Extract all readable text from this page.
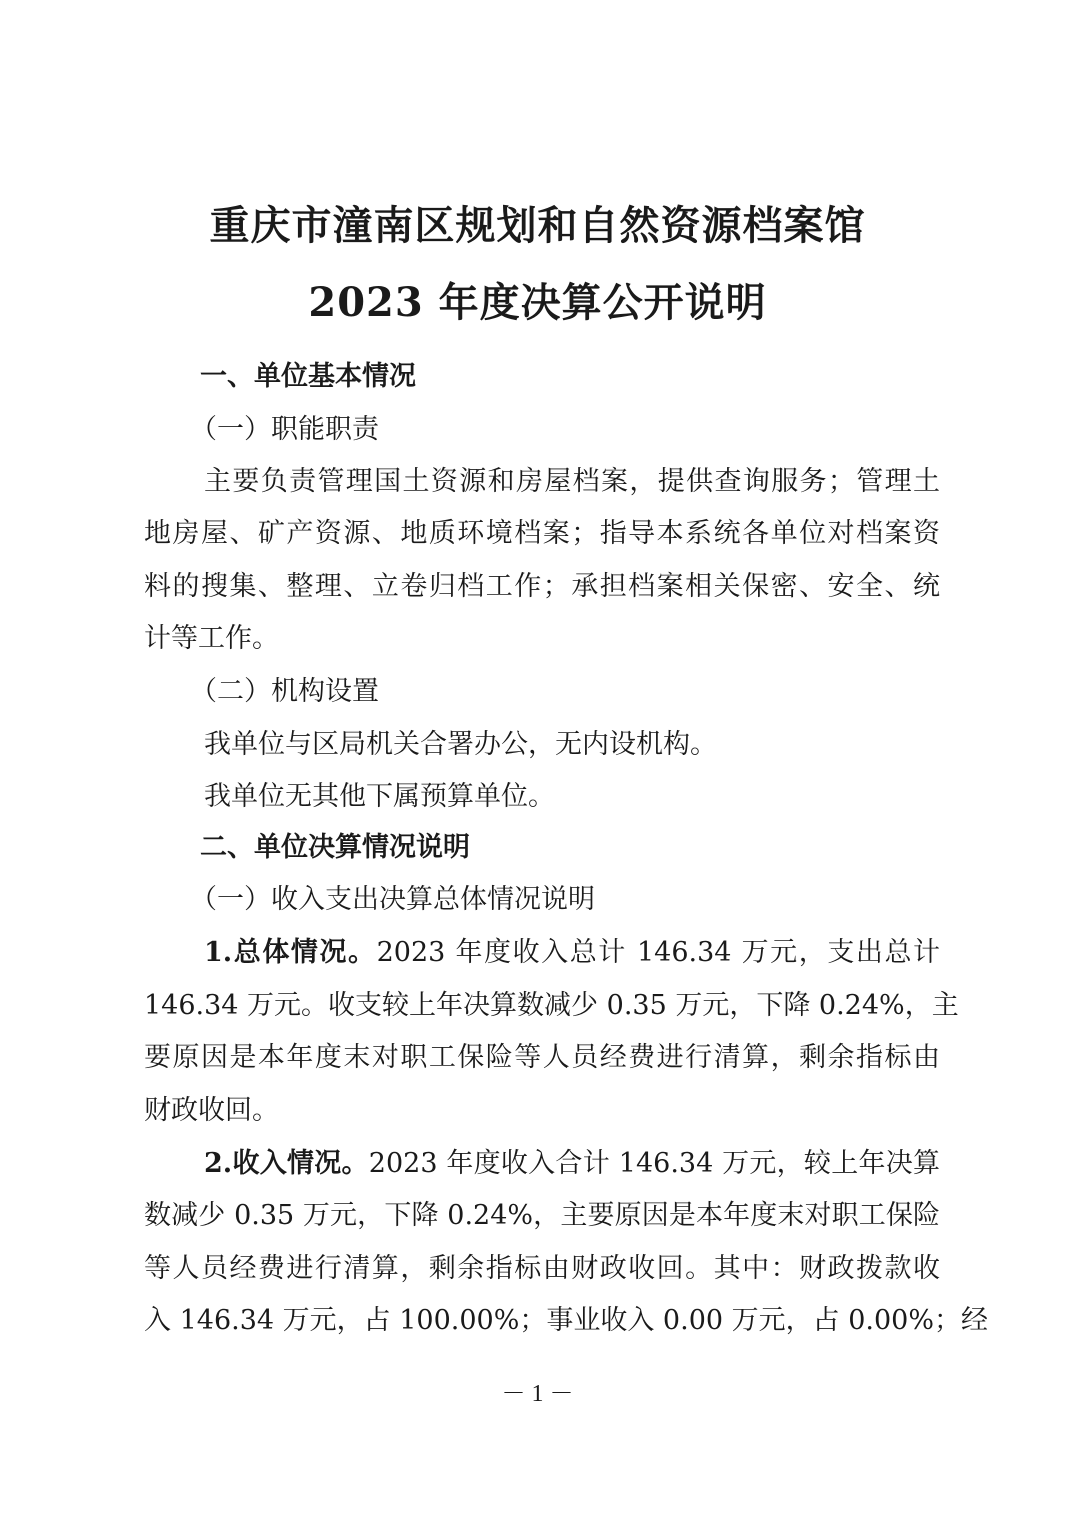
重庆市潼南区规划和自然资源档案馆
2023 年度决算公开说明
一、单位基本情况
（一）职能职责
主要负责管理国土资源和房屋档案，提供查询服务；管理土
地房屋、矿产资源、地质环境档案；指导本系统各单位对档案资
料的搜集、整理、立卷归档工作；承担档案相关保密、安全、统
计等工作。
（二）机构设置
我单位与区局机关合署办公，无内设机构。
我单位无其他下属预算单位。
二、单位决算情况说明
（一）收入支出决算总体情况说明
1.总体情况。2023 年度收入总计 146.34 万元，支出总计
146.34 万元。收支较上年决算数减少 0.35 万元，下降 0.24%，主
要原因是本年度末对职工保险等人员经费进行清算，剩余指标由
财政收回。
2.收入情况。2023 年度收入合计 146.34 万元，较上年决算
数减少 0.35 万元，下降 0.24%，主要原因是本年度末对职工保险
等人员经费进行清算，剩余指标由财政收回。其中：财政拨款收
入 146.34 万元，占 100.00%；事业收入 0.00 万元，占 0.00%；经
－ 1 －
